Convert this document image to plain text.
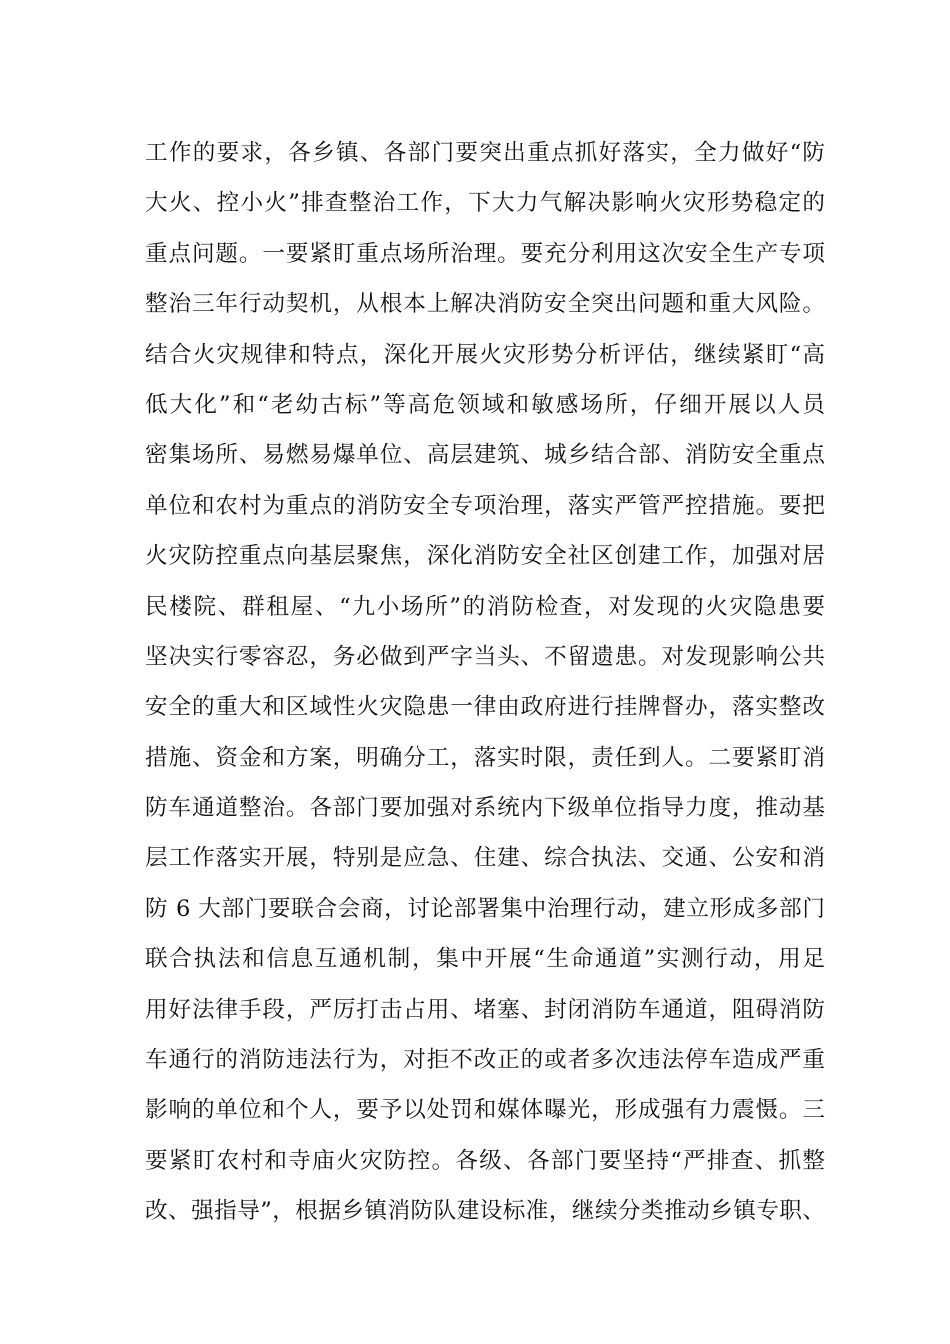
工作的要求，各乡镇、各部门要突出重点抓好落实，全力做好“防
大火、控小火”排查整治工作，下大力气解决影响火灾形势稳定的
重点问题。一要紧盯重点场所治理。要充分利用这次安全生产专项
整治三年行动契机，从根本上解决消防安全突出问题和重大风险。
结合火灾规律和特点，深化开展火灾形势分析评估，继续紧盯“高
低大化”和“老幼古标”等高危领域和敏感场所，仔细开展以人员
密集场所、易燃易爆单位、高层建筑、城乡结合部、消防安全重点
单位和农村为重点的消防安全专项治理，落实严管严控措施。要把
火灾防控重点向基层聚焦，深化消防安全社区创建工作，加强对居
民楼院、群租屋、“九小场所”的消防检查，对发现的火灾隐患要
坚决实行零容忍，务必做到严字当头、不留遗患。对发现影响公共
安全的重大和区域性火灾隐患一律由政府进行挂牌督办，落实整改
措施、资金和方案，明确分工，落实时限，责任到人。二要紧盯消
防车通道整治。各部门要加强对系统内下级单位指导力度，推动基
层工作落实开展，特别是应急、住建、综合执法、交通、公安和消
防 6 大部门要联合会商，讨论部署集中治理行动，建立形成多部门
联合执法和信息互通机制，集中开展“生命通道”实测行动，用足
用好法律手段，严厉打击占用、堵塞、封闭消防车通道，阻碍消防
车通行的消防违法行为，对拒不改正的或者多次违法停车造成严重
影响的单位和个人，要予以处罚和媒体曝光，形成强有力震慑。三
要紧盯农村和寺庙火灾防控。各级、各部门要坚持“严排查、抓整
改、强指导”，根据乡镇消防队建设标准，继续分类推动乡镇专职、
